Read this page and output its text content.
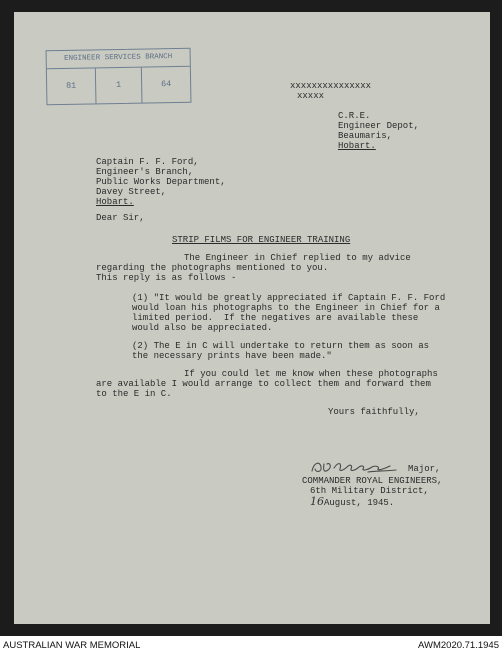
ENGINEER SERVICES BRANCH
81	1	64	xxxxxxxxxxxxxxx
xxxxx
C.R.E.
Engineer Depot,
Beaumaris,
Hobart.
Captain F. F. Ford,
Engineer's Branch,
Public Works Department,
Davey Street,
Hobart.
Dear Sir,
STRIP FILMS FOR ENGINEER TRAINING
The Engineer in Chief replied to my advice
regarding the photographs mentioned to you.
This reply is as follows -
(1) "It would be greatly appreciated if Captain F. F. Ford
would loan his photographs to the Engineer in Chief for a
limited period.  If the negatives are available these
would also be appreciated.
(2) The E in C will undertake to return them as soon as
the necessary prints have been made."
If you could let me know when these photographs
are available I would arrange to collect them and forward them
to the E in C.
Yours faithfully,
Major,
COMMANDER ROYAL ENGINEERS,
6th Military District,
16August, 1945.
AUSTRALIAN WAR MEMORIAL	AWM2020.71.1945
